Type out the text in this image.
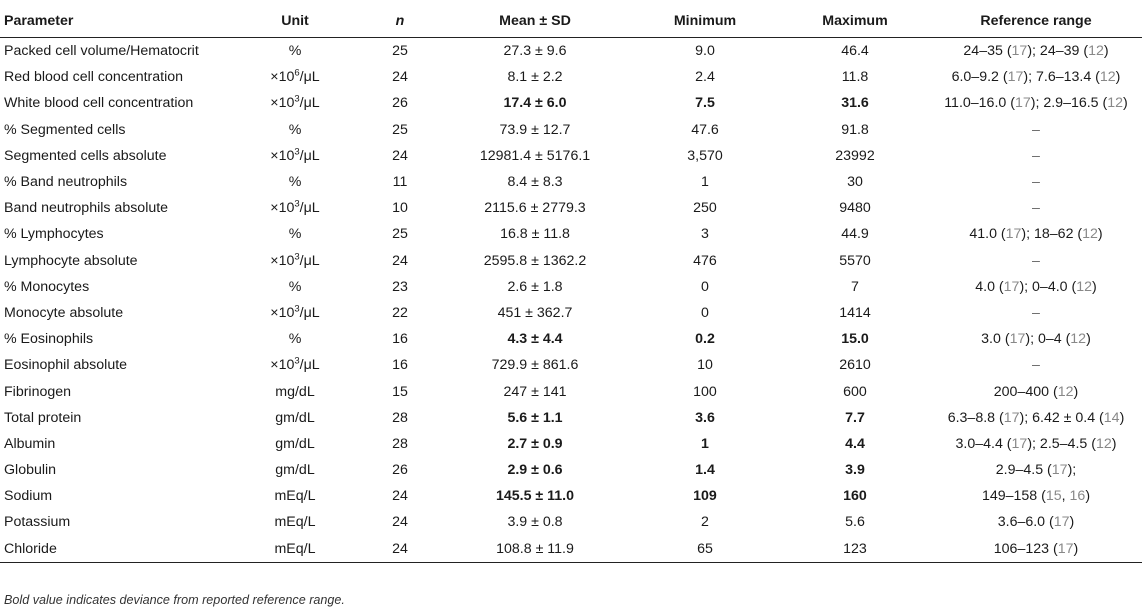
Parameter	Unit	n	Mean ± SD	Minimum	Maximum	Reference range
Packed cell volume/Hematocrit	%	25	27.3 ± 9.6	9.0	46.4	24–35 (17); 24–39 (12)
Red blood cell concentration	$\times 10^6/\mu L$	24	8.1 ± 2.2	2.4	11.8	6.0–9.2 (17); 7.6–13.4 (12)
White blood cell concentration	$\times 10^3/\mu L$	26	17.4 ± 6.0	7.5	31.6	11.0–16.0 (17); 2.9–16.5 (12)
% Segmented cells	%	25	73.9 ± 12.7	47.6	91.8	–
Segmented cells absolute	$\times 10^3/\mu L$	24	12981.4 ± 5176.1	3,570	23992	–
% Band neutrophils	%	11	8.4 ± 8.3	1	30	–
Band neutrophils absolute	$\times 10^3/\mu L$	10	2115.6 ± 2779.3	250	9480	–
% Lymphocytes	%	25	16.8 ± 11.8	3	44.9	41.0 (17); 18–62 (12)
Lymphocyte absolute	$\times 10^3/\mu L$	24	2595.8 ± 1362.2	476	5570	–
% Monocytes	%	23	2.6 ± 1.8	0	7	4.0 (17); 0–4.0 (12)
Monocyte absolute	$\times 10^3/\mu L$	22	451 ± 362.7	0	1414	–
% Eosinophils	%	16	4.3 ± 4.4	0.2	15.0	3.0 (17); 0–4 (12)
Eosinophil absolute	$\times 10^3/\mu L$	16	729.9 ± 861.6	10	2610	–
Fibrinogen	mg/dL	15	247 ± 141	100	600	200–400 (12)
Total protein	gm/dL	28	5.6 ± 1.1	3.6	7.7	6.3–8.8 (17); 6.42 ± 0.4 (14)
Albumin	gm/dL	28	2.7 ± 0.9	1	4.4	3.0–4.4 (17); 2.5–4.5 (12)
Globulin	gm/dL	26	2.9 ± 0.6	1.4	3.9	2.9–4.5 (17);
Sodium	mEq/L	24	145.5 ± 11.0	109	160	149–158 (15, 16)
Potassium	mEq/L	24	3.9 ± 0.8	2	5.6	3.6–6.0 (17)
Chloride	mEq/L	24	108.8 ± 11.9	65	123	106–123 (17)
Bold value indicates deviance from reported reference range.
